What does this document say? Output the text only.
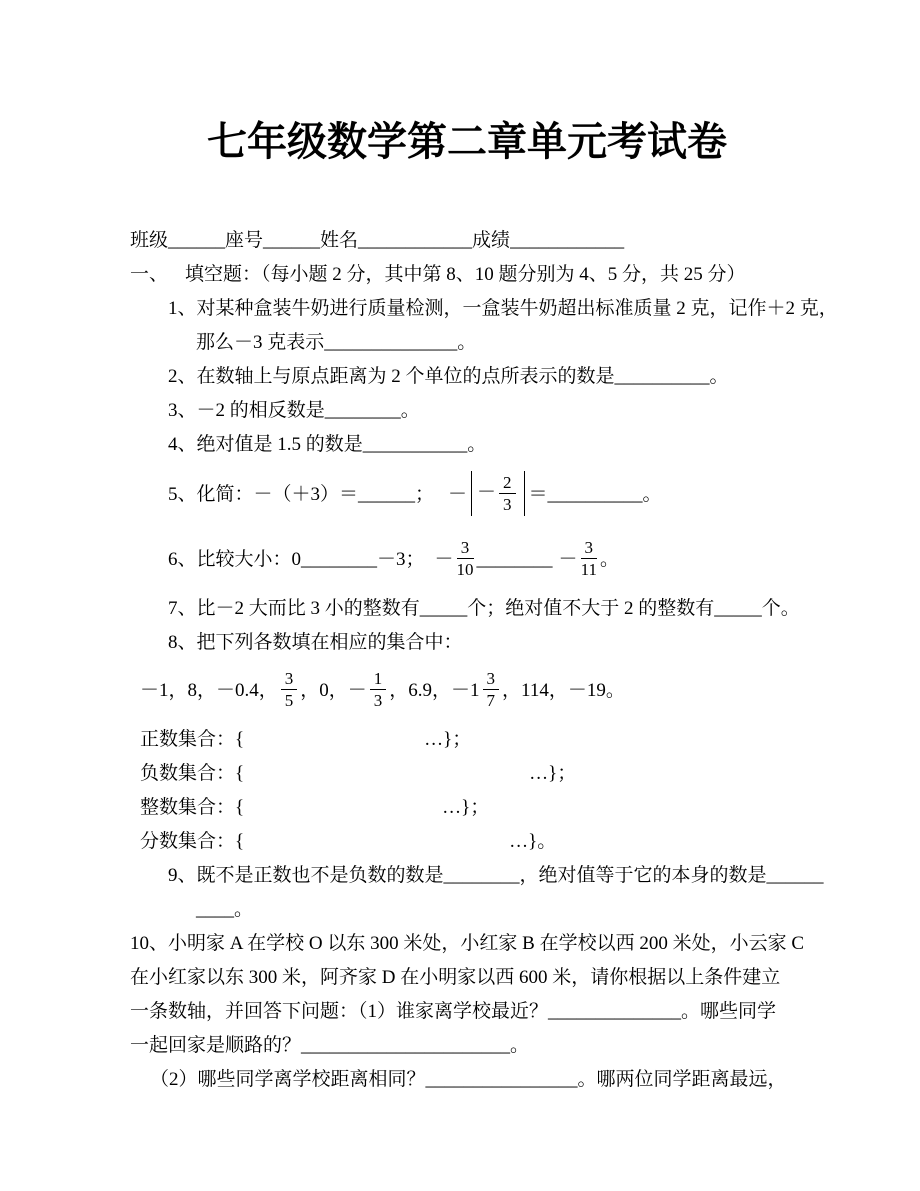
七年级数学第二章单元考试卷
班级______座号______姓名____________成绩____________
一、 填空题：（每小题 2 分，其中第 8、10 题分别为 4、5 分，共 25 分）
1、对某种盒装牛奶进行质量检测，一盒装牛奶超出标准质量 2 克，记作＋2 克，
那么－3 克表示______________。
2、在数轴上与原点距离为 2 个单位的点所表示的数是__________。
3、－2 的相反数是________。
4、绝对值是 1.5 的数是___________。
5、化简：－（＋3）＝______； － － $\frac{2}{3}$ ＝__________。
6、比较大小：0________－3； － $\frac{3}{10}$ ________ － $\frac{3}{11}$ 。
7、比－2 大而比 3 小的整数有_____个；绝对值不大于 2 的整数有_____个。
8、把下列各数填在相应的集合中：
－1，8，－0.4， $\frac{3}{5}$ ，0，－ $\frac{1}{3}$ ，6.9，$-1 \frac{3}{7}$ ，114，－19。
正数集合：{	…}；
负数集合：{	…}；
整数集合：{	…}；
分数集合：{	…}。
9、既不是正数也不是负数的数是________，绝对值等于它的本身的数是______
____。
10、小明家 A 在学校 O 以东 300 米处，小红家 B 在学校以西 200 米处，小云家 C
在小红家以东 300 米，阿齐家 D 在小明家以西 600 米，请你根据以上条件建立
一条数轴，并回答下问题：（1）谁家离学校最近？______________。哪些同学
一起回家是顺路的？______________________。
（2）哪些同学离学校距离相同？________________。哪两位同学距离最远，
